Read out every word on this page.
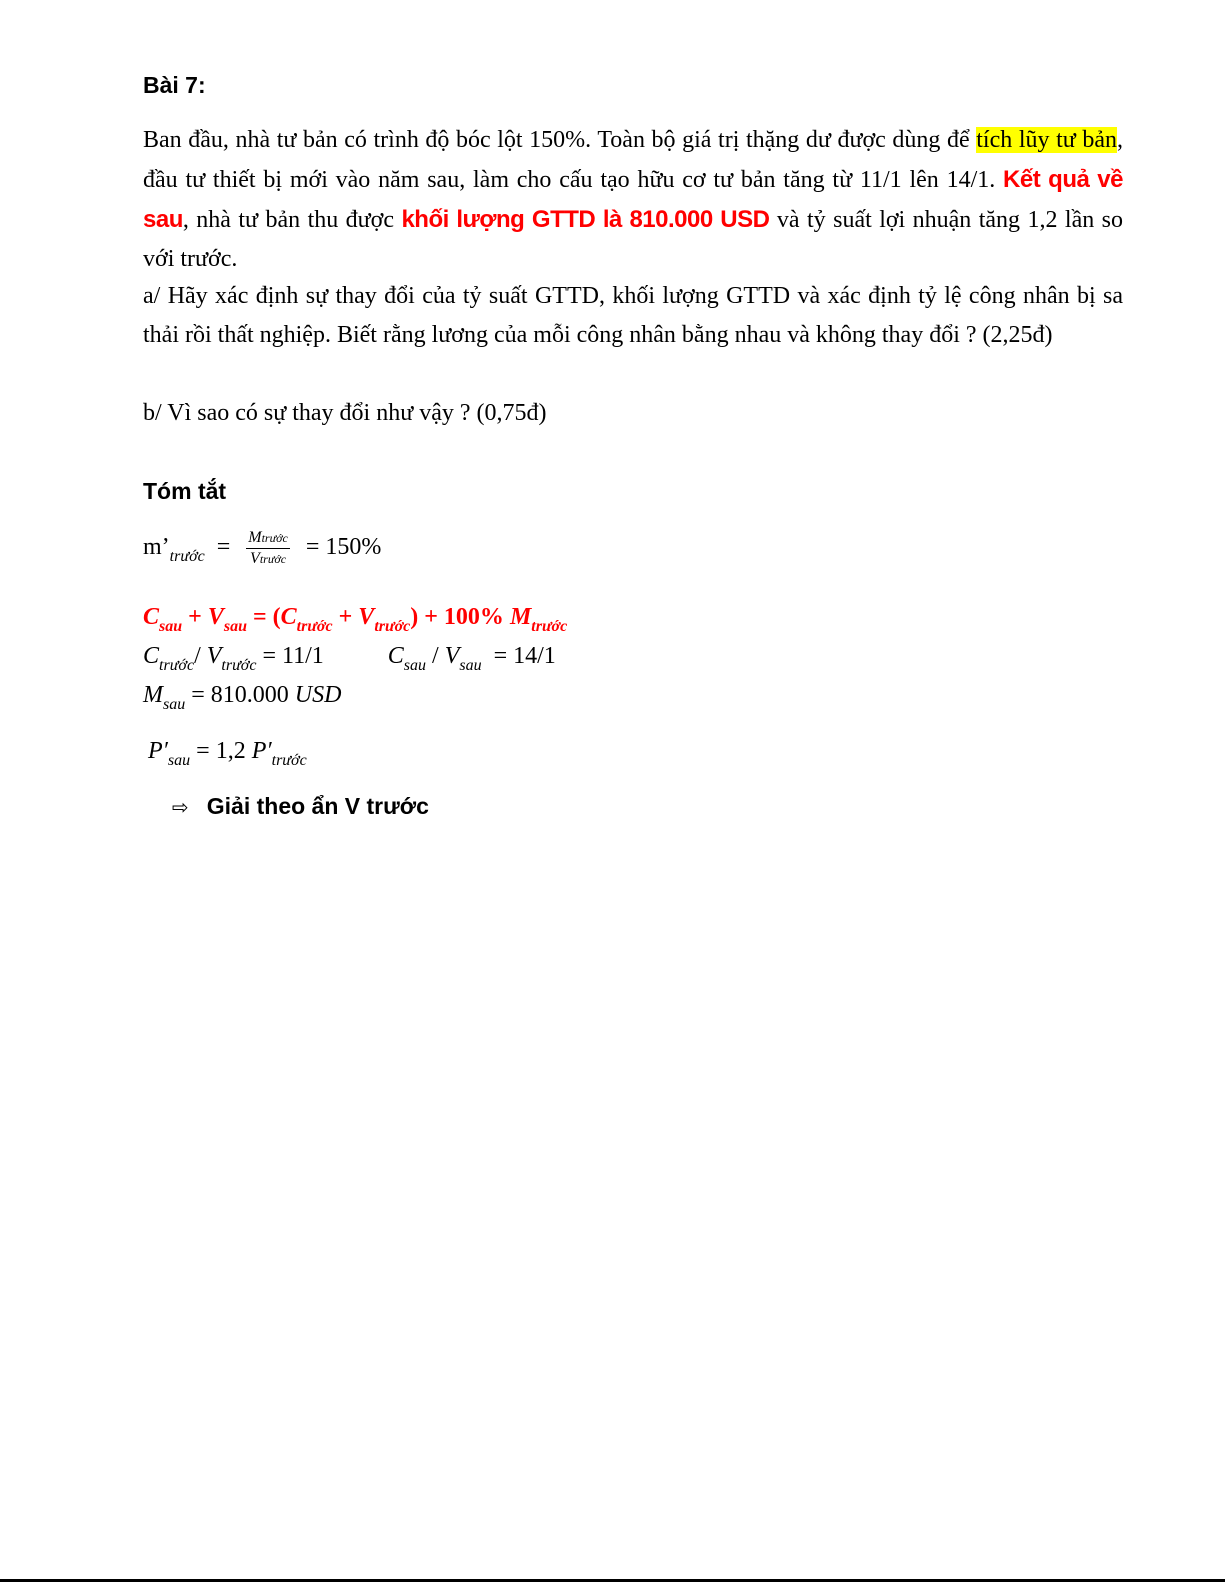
Bài 7:

Ban đầu, nhà tư bản có trình độ bóc lột 150%. Toàn bộ giá trị thặng dư được dùng để tích lũy tư bản, đầu tư thiết bị mới vào năm sau, làm cho cấu tạo hữu cơ tư bản tăng từ 11/1 lên 14/1. Kết quả về sau, nhà tư bản thu được khối lượng GTTD là 810.000 USD và tỷ suất lợi nhuận tăng 1,2 lần so với trước.

a/ Hãy xác định sự thay đổi của tỷ suất GTTD, khối lượng GTTD và xác định tỷ lệ công nhân bị sa thải rồi thất nghiệp. Biết rằng lương của mỗi công nhân bằng nhau và không thay đổi ? (2,25đ)

b/ Vì sao có sự thay đổi như vậy ? (0,75đ)

Tóm tắt
$m’_{trước} = \frac{\text{Mtrước}}{\text{Vtrước}} = 150\%$
$C_{sau} + V_{sau} = (C_{trước} + V_{trước}) + 100\%$ $M_{trước}$
$C_{trước}/$ $V_{trước} = 11/1$	$C_{sau} / V_{sau} = 14/1$
$M_{sau} = 810.000$ USD
$P'_{sau} = 1,2$ $P'_{trước}$
⇨ Giải theo ẩn V trước
